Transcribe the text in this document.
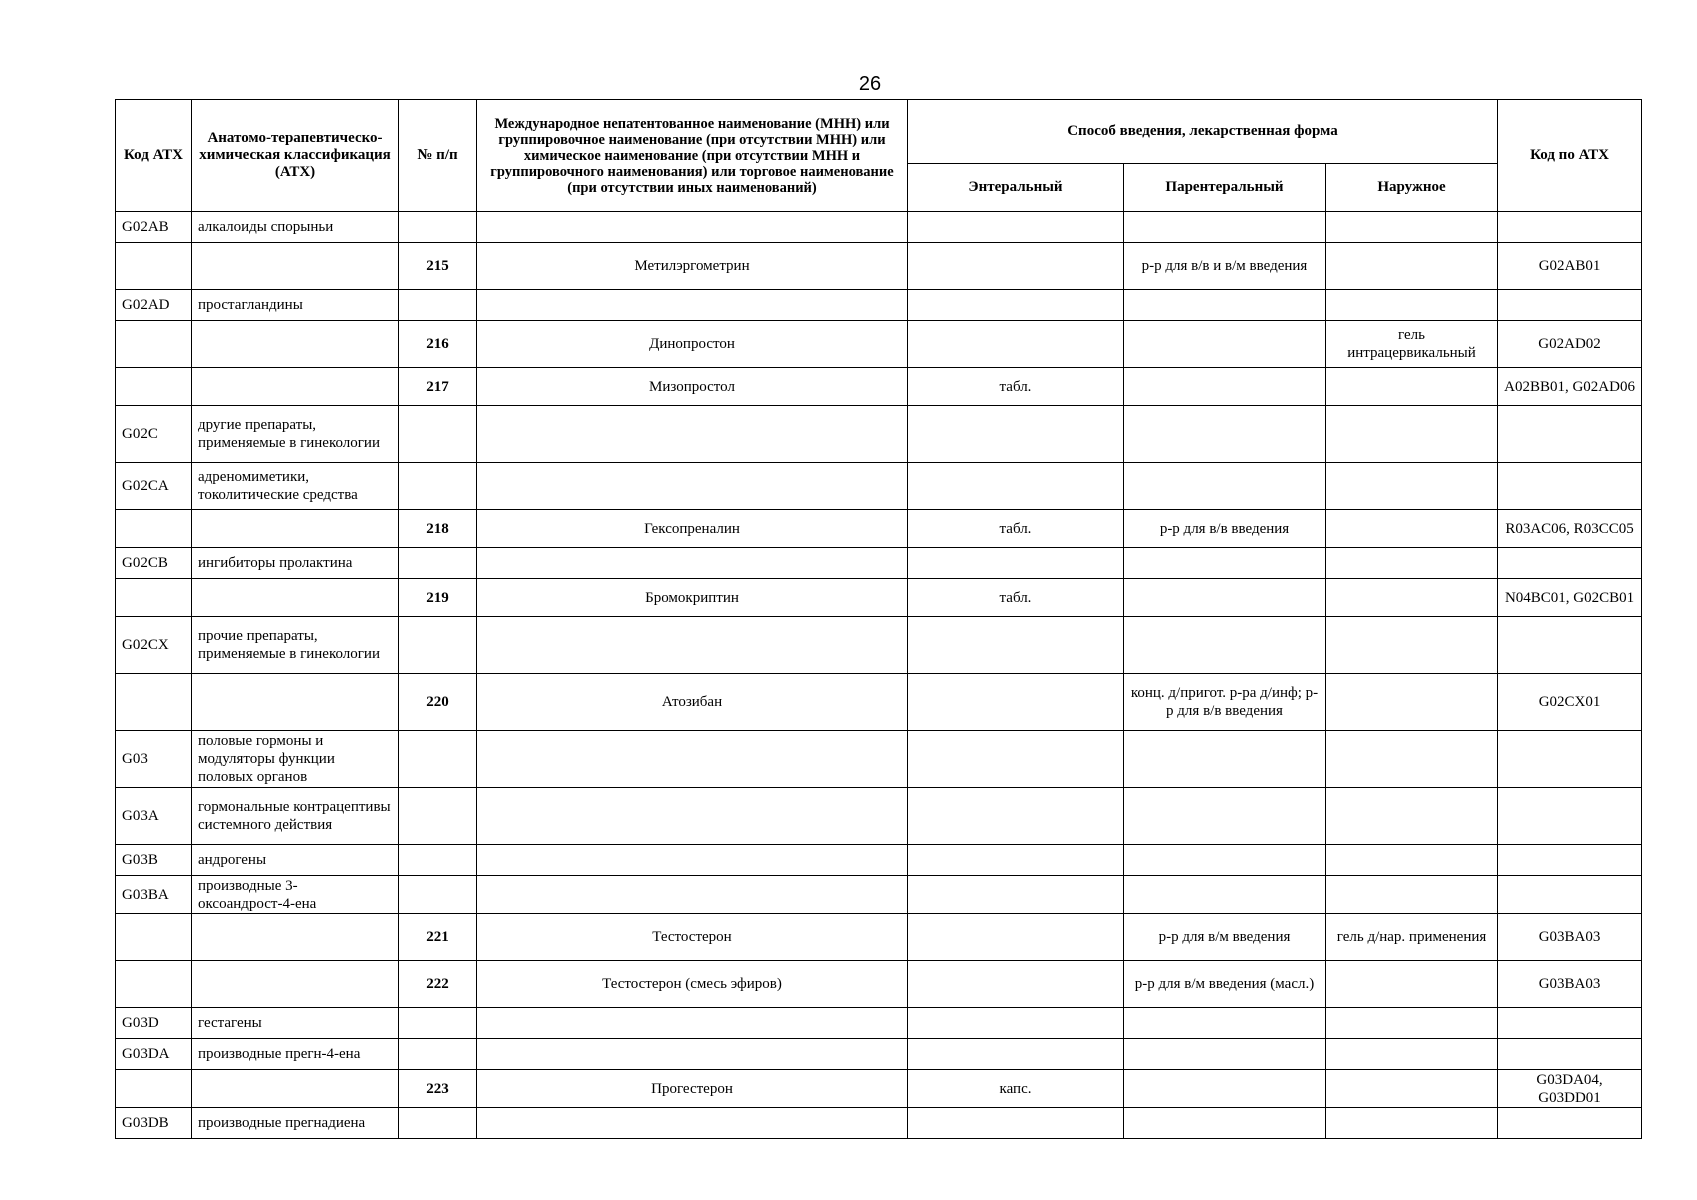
26
Код АТХ	Анатомо-терапевтическо-химическая классификация (АТХ)	№ п/п	Международное непатентованное наименование (МНН) или группировочное наименование (при отсутствии МНН) или химическое наименование (при отсутствии МНН и группировочного наименования) или торговое наименование (при отсутствии иных наименований)	Способ введения, лекарственная форма			Код по АТХ
				Энтеральный	Парентеральный	Наружное	
G02AB	алкалоиды спорыньи						
		215	Метилэргометрин		р-р для в/в и в/м введения		G02AB01
G02AD	простагландины						
		216	Динопростон			гель интрацервикальный	G02AD02
		217	Мизопростол	табл.			A02BB01, G02AD06
G02C	другие препараты, применяемые в гинекологии						
G02CA	адреномиметики, токолитические средства						
		218	Гексопреналин	табл.	р-р для в/в введения		R03AC06, R03CC05
G02CB	ингибиторы пролактина						
		219	Бромокриптин	табл.			N04BC01, G02CB01
G02CX	прочие препараты, применяемые в гинекологии						
		220	Атозибан		конц. д/пригот. р-ра д/инф; р-р для в/в введения		G02CX01
G03	половые гормоны и модуляторы функции половых органов						
G03A	гормональные контрацептивы системного действия						
G03B	андрогены						
G03BA	производные 3-оксоандрост-4-ена						
		221	Тестостерон		р-р для в/м введения	гель д/нар. применения	G03BA03
		222	Тестостерон (смесь эфиров)		р-р для в/м введения (масл.)		G03BA03
G03D	гестагены						
G03DA	производные прегн-4-ена						
		223	Прогестерон	капс.			G03DA04, G03DD01
G03DB	производные прегнадиена						
